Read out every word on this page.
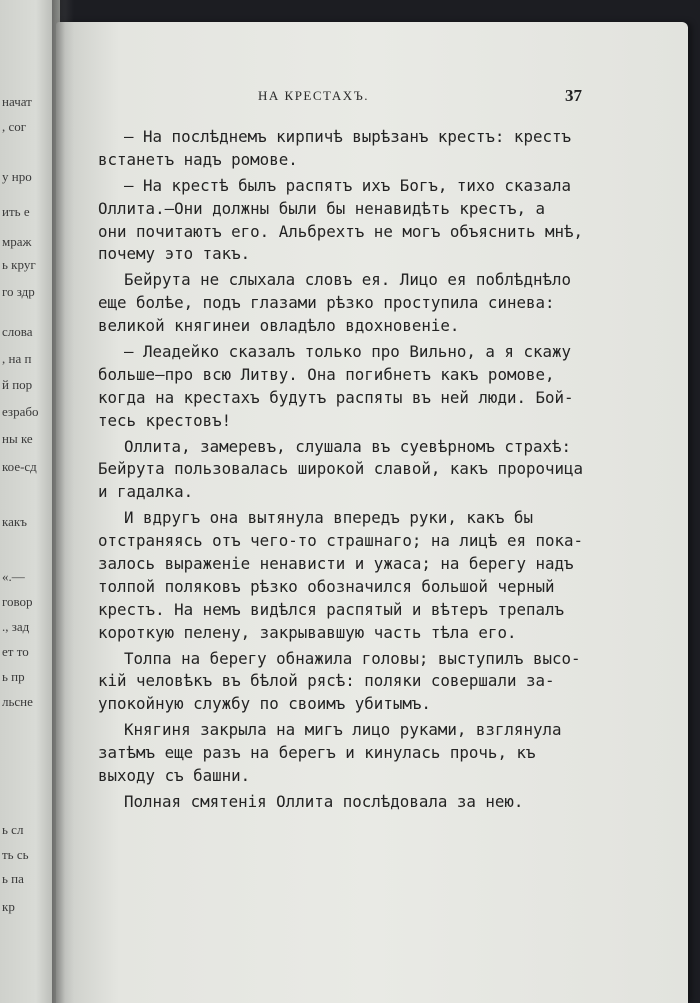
начат
, сог
у нро
ить е
мраж
ь круг
го здр
слова
, на п
й пор
езрабо
ны ке
кое-сд
какъ
«.—
говор
., зад
ет то
ь пр
льсне
ь сл
ть сь
ь па
кр
НА КРЕСТАХЪ.	37

— На послѣднемъ кирпичѣ вырѣзанъ крестъ: крестъ
встанетъ надъ ромове.

— На крестѣ былъ распятъ ихъ Богъ, тихо сказала
Оллита.—Они должны были бы ненавидѣть крестъ, а
они почитаютъ его. Альбрехтъ не могъ объяснить мнѣ,
почему это такъ.

Бейрута не слыхала словъ ея. Лицо ея поблѣднѣло
еще болѣе, подъ глазами рѣзко проступила синева:
великой княгинеи овладѣло вдохновеніе.

— Леадейко сказалъ только про Вильно, а я скажу
больше—про всю Литву. Она погибнетъ какъ ромове,
когда на крестахъ будутъ распяты въ ней люди. Бой-
тесь крестовъ!

Оллита, замеревъ, слушала въ суевѣрномъ страхѣ:
Бейрута пользовалась широкой славой, какъ пророчица
и гадалка.

И вдругъ она вытянула впередъ руки, какъ бы
отстраняясь отъ чего-то страшнаго; на лицѣ ея пока-
залось выраженіе ненависти и ужаса; на берегу надъ
толпой поляковъ рѣзко обозначился большой черный
крестъ. На немъ видѣлся распятый и вѣтеръ трепалъ
короткую пелену, закрывавшую часть тѣла его.

Толпа на берегу обнажила головы; выступилъ высо-
кій человѣкъ въ бѣлой рясѣ: поляки совершали за-
упокойную службу по своимъ убитымъ.

Княгиня закрыла на мигъ лицо руками, взглянула
затѣмъ еще разъ на берегъ и кинулась прочь, къ
выходу съ башни.

Полная смятенія Оллита послѣдовала за нею.
